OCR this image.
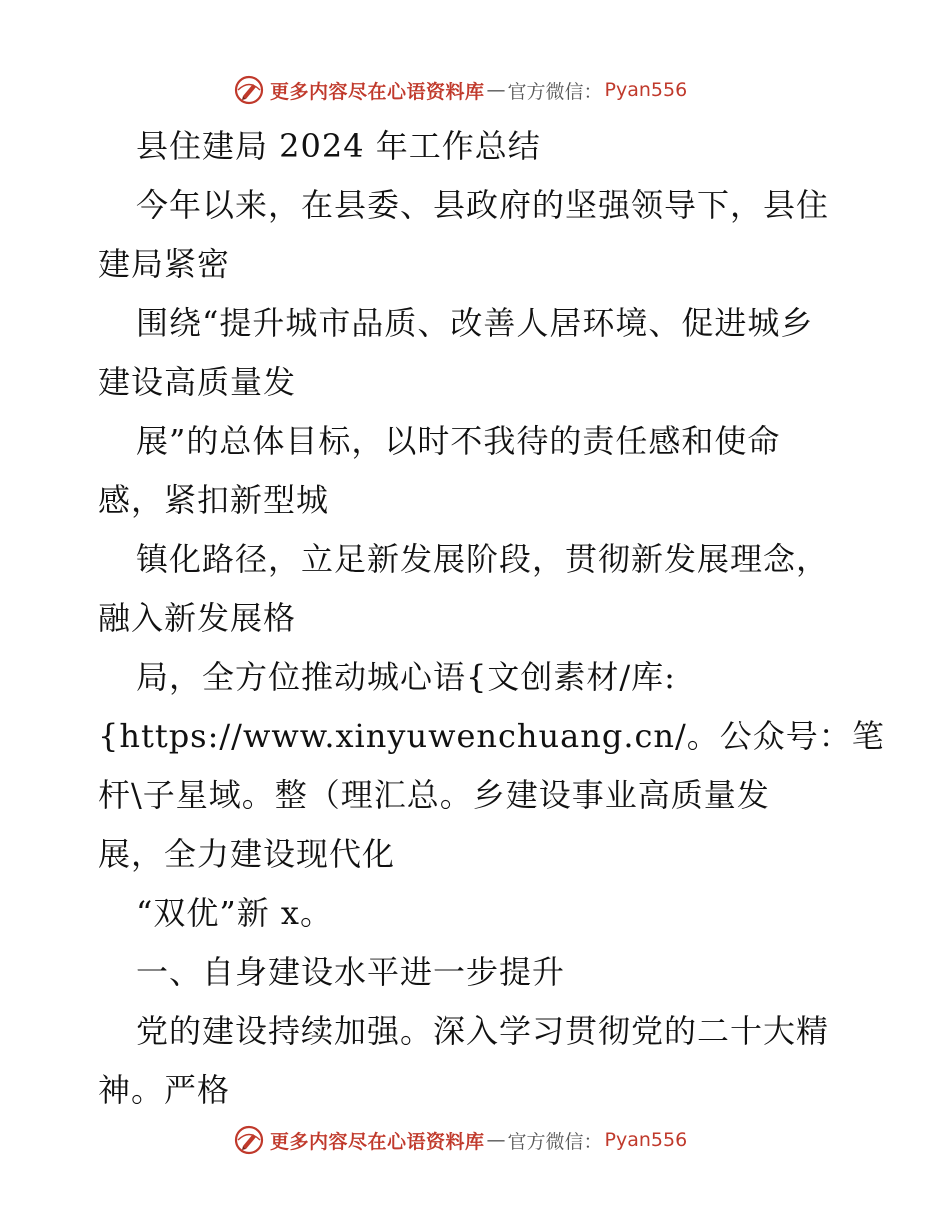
更多内容尽在心语资料库 — 官方微信： Pyan556
县住建局 2024 年工作总结
今年以来，在县委、县政府的坚强领导下，县住
建局紧密
围绕“提升城市品质、改善人居环境、促进城乡
建设高质量发
展”的总体目标，以时不我待的责任感和使命
感，紧扣新型城
镇化路径，立足新发展阶段，贯彻新发展理念，
融入新发展格
局，全方位推动城心语{文创素材/库:
{https://www.xinyuwenchuang.cn/。公众号：笔
杆\子星域。整（理汇总。乡建设事业高质量发
展，全力建设现代化
“双优”新 x。
一、自身建设水平进一步提升
党的建设持续加强。深入学习贯彻党的二十大精
神。严格
更多内容尽在心语资料库 — 官方微信： Pyan556
